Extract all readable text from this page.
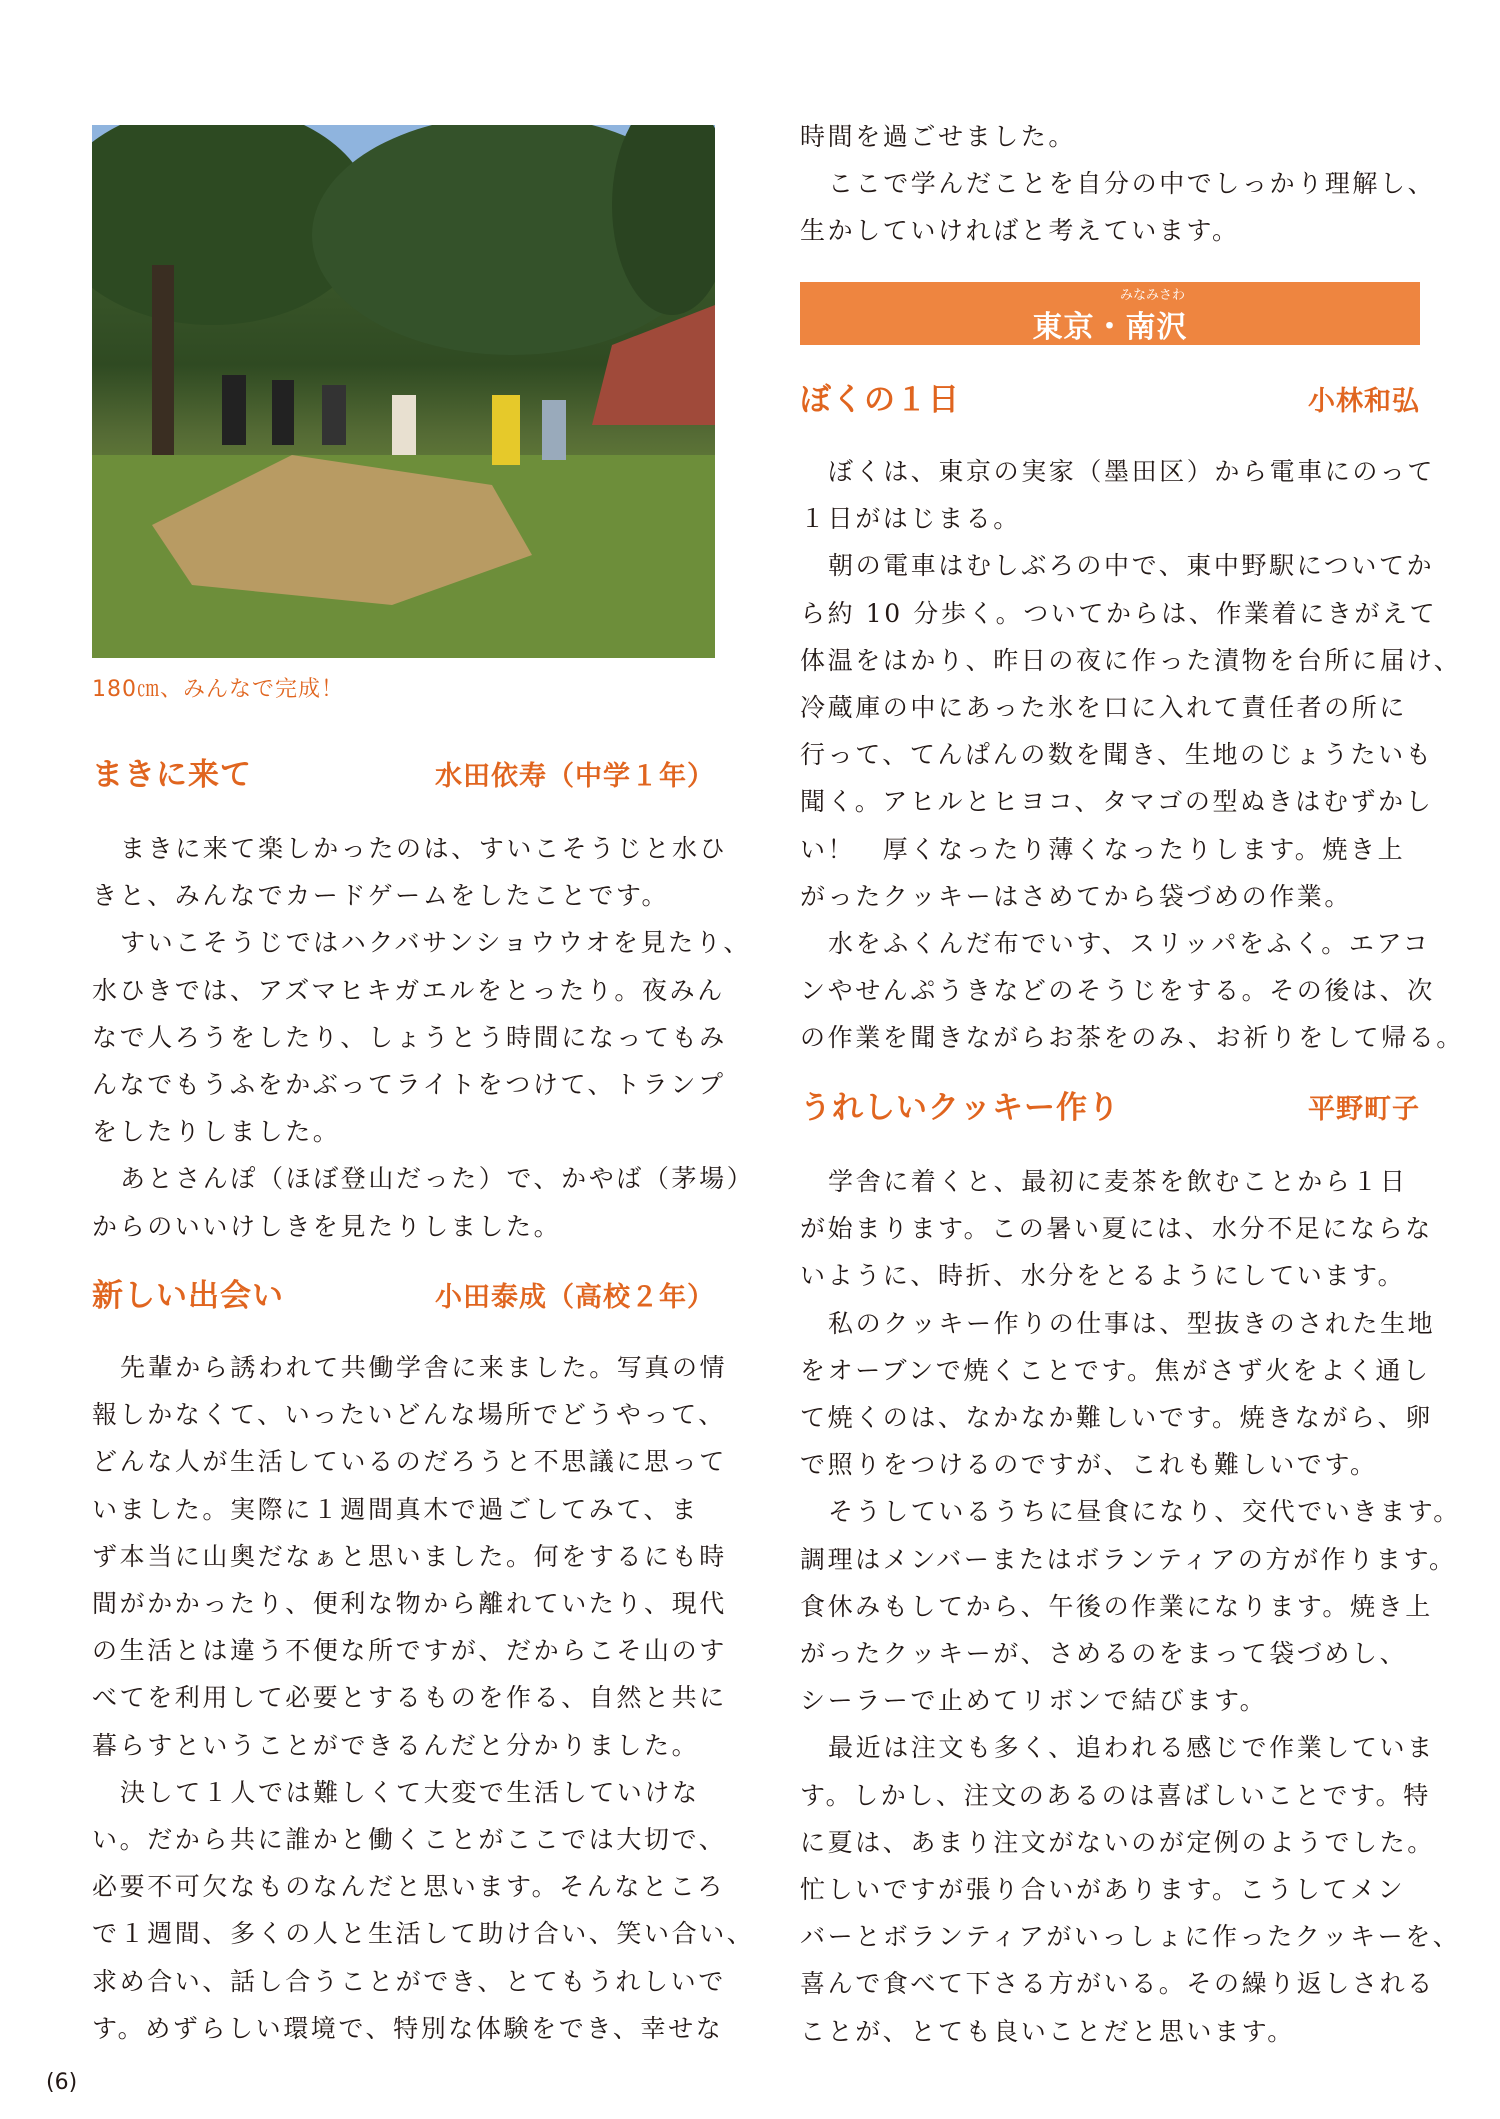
180㎝、みんなで完成！
まきに来て	水田依寿（中学１年）
まきに来て楽しかったのは、すいこそうじと水ひ
きと、みんなでカードゲームをしたことです。
すいこそうじではハクバサンショウウオを見たり、
水ひきでは、アズマヒキガエルをとったり。夜みん
なで人ろうをしたり、しょうとう時間になってもみ
んなでもうふをかぶってライトをつけて、トランプ
をしたりしました。
あとさんぽ（ほぼ登山だった）で、かやば（茅場）
からのいいけしきを見たりしました。
新しい出会い	小田泰成（高校２年）
先輩から誘われて共働学舎に来ました。写真の情
報しかなくて、いったいどんな場所でどうやって、
どんな人が生活しているのだろうと不思議に思って
いました。実際に１週間真木で過ごしてみて、ま
ず本当に山奥だなぁと思いました。何をするにも時
間がかかったり、便利な物から離れていたり、現代
の生活とは違う不便な所ですが、だからこそ山のす
べてを利用して必要とするものを作る、自然と共に
暮らすということができるんだと分かりました。
決して１人では難しくて大変で生活していけな
い。だから共に誰かと働くことがここでは大切で、
必要不可欠なものなんだと思います。そんなところ
で１週間、多くの人と生活して助け合い、笑い合い、
求め合い、話し合うことができ、とてもうれしいで
す。めずらしい環境で、特別な体験をでき、幸せな
時間を過ごせました。
ここで学んだことを自分の中でしっかり理解し、
生かしていければと考えています。
みなみさわ
東京・南沢
ぼくの１日	小林和弘
ぼくは、東京の実家（墨田区）から電車にのって
１日がはじまる。
朝の電車はむしぶろの中で、東中野駅についてか
ら約 10 分歩く。ついてからは、作業着にきがえて
体温をはかり、昨日の夜に作った漬物を台所に届け、
冷蔵庫の中にあった氷を口に入れて責任者の所に
行って、てんぱんの数を聞き、生地のじょうたいも
聞く。アヒルとヒヨコ、タマゴの型ぬきはむずかし
い！　厚くなったり薄くなったりします。焼き上
がったクッキーはさめてから袋づめの作業。
水をふくんだ布でいす、スリッパをふく。エアコ
ンやせんぷうきなどのそうじをする。その後は、次
の作業を聞きながらお茶をのみ、お祈りをして帰る。
うれしいクッキー作り	平野町子
学舎に着くと、最初に麦茶を飲むことから１日
が始まります。この暑い夏には、水分不足にならな
いように、時折、水分をとるようにしています。
私のクッキー作りの仕事は、型抜きのされた生地
をオーブンで焼くことです。焦がさず火をよく通し
て焼くのは、なかなか難しいです。焼きながら、卵
で照りをつけるのですが、これも難しいです。
そうしているうちに昼食になり、交代でいきます。
調理はメンバーまたはボランティアの方が作ります。
食休みもしてから、午後の作業になります。焼き上
がったクッキーが、さめるのをまって袋づめし、
シーラーで止めてリボンで結びます。
最近は注文も多く、追われる感じで作業していま
す。しかし、注文のあるのは喜ばしいことです。特
に夏は、あまり注文がないのが定例のようでした。
忙しいですが張り合いがあります。こうしてメン
バーとボランティアがいっしょに作ったクッキーを、
喜んで食べて下さる方がいる。その繰り返しされる
ことが、とても良いことだと思います。
(6)
